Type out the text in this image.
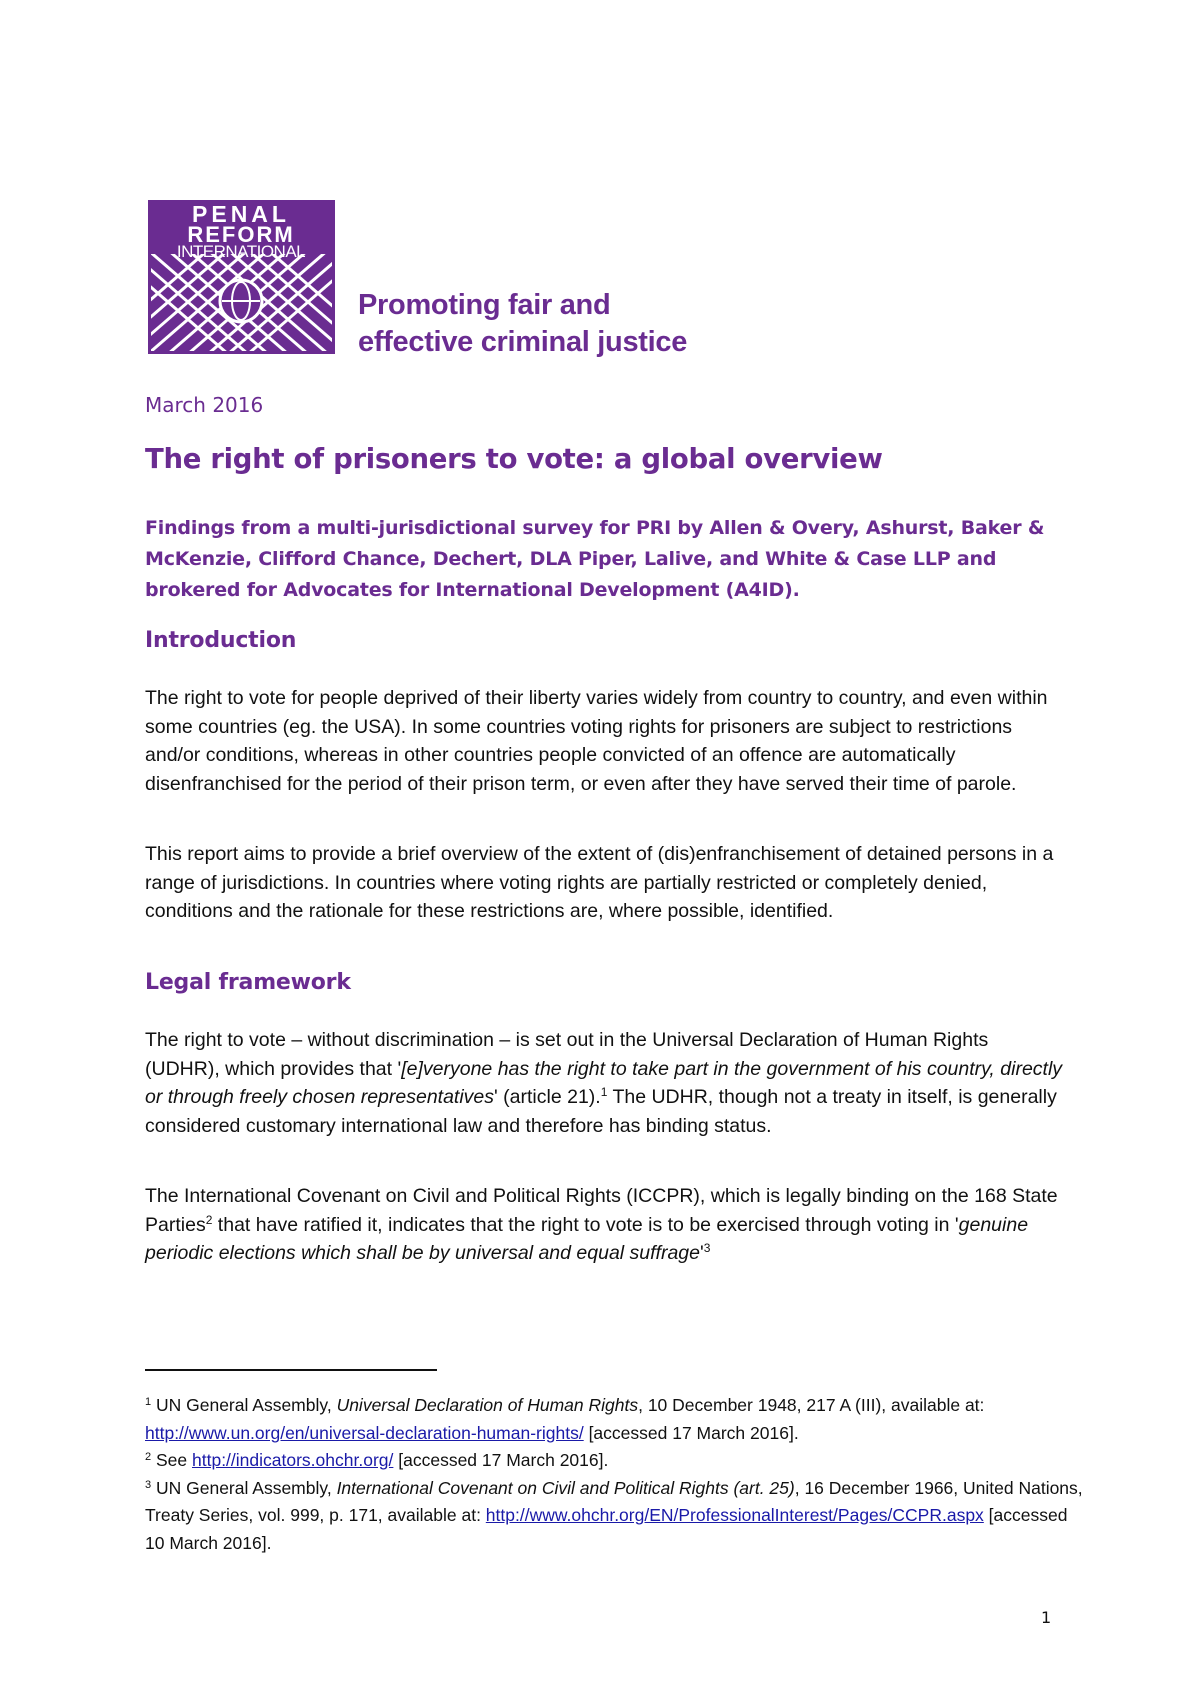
PENAL
REFORM
INTERNATIONAL
Promoting fair and
effective criminal justice
March 2016
The right of prisoners to vote: a global overview

Findings from a multi-jurisdictional survey for PRI by Allen & Overy, Ashurst, Baker & McKenzie, Clifford Chance, Dechert, DLA Piper, Lalive, and White & Case LLP and brokered for Advocates for International Development (A4ID).

Introduction

The right to vote for people deprived of their liberty varies widely from country to country, and even within some countries (eg. the USA). In some countries voting rights for prisoners are subject to restrictions and/or conditions, whereas in other countries people convicted of an offence are automatically disenfranchised for the period of their prison term, or even after they have served their time of parole.

This report aims to provide a brief overview of the extent of (dis)enfranchisement of detained persons in a range of jurisdictions. In countries where voting rights are partially restricted or completely denied, conditions and the rationale for these restrictions are, where possible, identified.

Legal framework

The right to vote – without discrimination – is set out in the Universal Declaration of Human Rights (UDHR), which provides that '[e]veryone has the right to take part in the government of his country, directly or through freely chosen representatives' (article 21).$^1$ The UDHR, though not a treaty in itself, is generally considered customary international law and therefore has binding status.

The International Covenant on Civil and Political Rights (ICCPR), which is legally binding on the 168 State Parties$^2$ that have ratified it, indicates that the right to vote is to be exercised through voting in 'genuine periodic elections which shall be by universal and equal $suffrage'^3$

$^1$ UN General Assembly, Universal Declaration of Human Rights, 10 December 1948, 217 A (III), available at: http://www.un.org/en/universal-declaration-human-rights/ [accessed 17 March 2016].

$^2$ See http://indicators.ohchr.org/ [accessed 17 March 2016].

$^3$ UN General Assembly, International Covenant on Civil and Political Rights (art. 25), 16 December 1966, United Nations, Treaty Series, vol. 999, p. 171, available at: http://www.ohchr.org/EN/ProfessionalInterest/Pages/CCPR.aspx [accessed 10 March 2016].

1
